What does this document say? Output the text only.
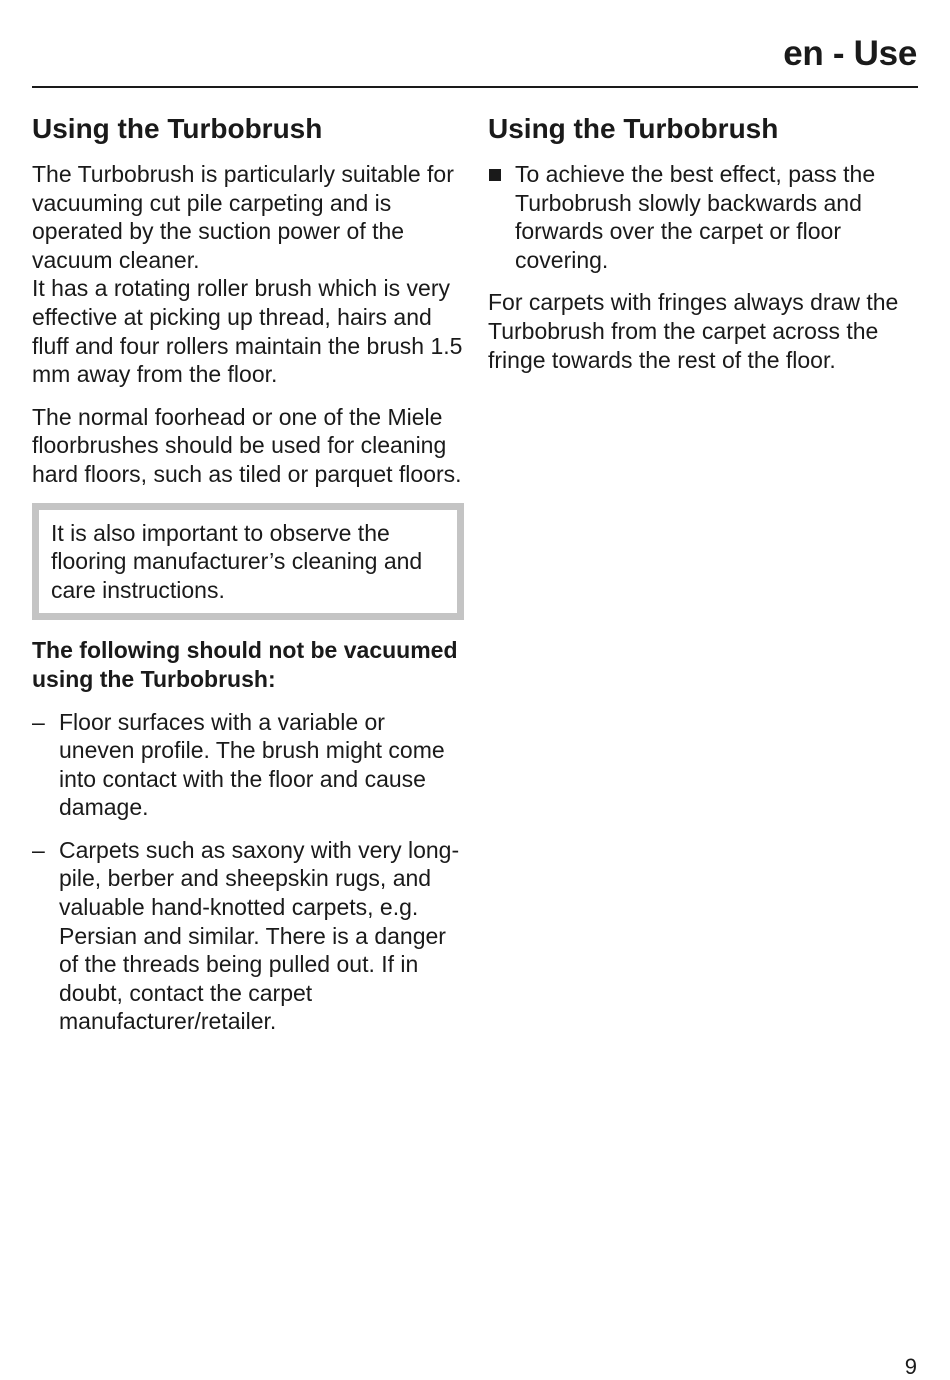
en - Use
Using the Turbobrush

The Turbobrush is particularly suitable for vacuuming cut pile carpeting and is operated by the suction power of the vacuum cleaner.
It has a rotating roller brush which is very effective at picking up thread, hairs and fluff and four rollers maintain the brush 1.5 mm away from the floor.

The normal foorhead or one of the Miele floorbrushes should be used for cleaning hard floors, such as tiled or parquet floors.

It is also important to observe the flooring manufacturer’s cleaning and care instructions.
The following should not be vacuumed using the Turbobrush:
– Floor surfaces with a variable or uneven profile. The brush might come into contact with the floor and cause damage.
– Carpets such as saxony with very long-pile, berber and sheepskin rugs, and valuable hand-knotted carpets, e.g. Persian and similar. There is a danger of the threads being pulled out. If in doubt, contact the carpet manufacturer/retailer.
Using the Turbobrush
To achieve the best effect, pass the Turbobrush slowly backwards and forwards over the carpet or floor covering.

For carpets with fringes always draw the Turbobrush from the carpet across the fringe towards the rest of the floor.

9
